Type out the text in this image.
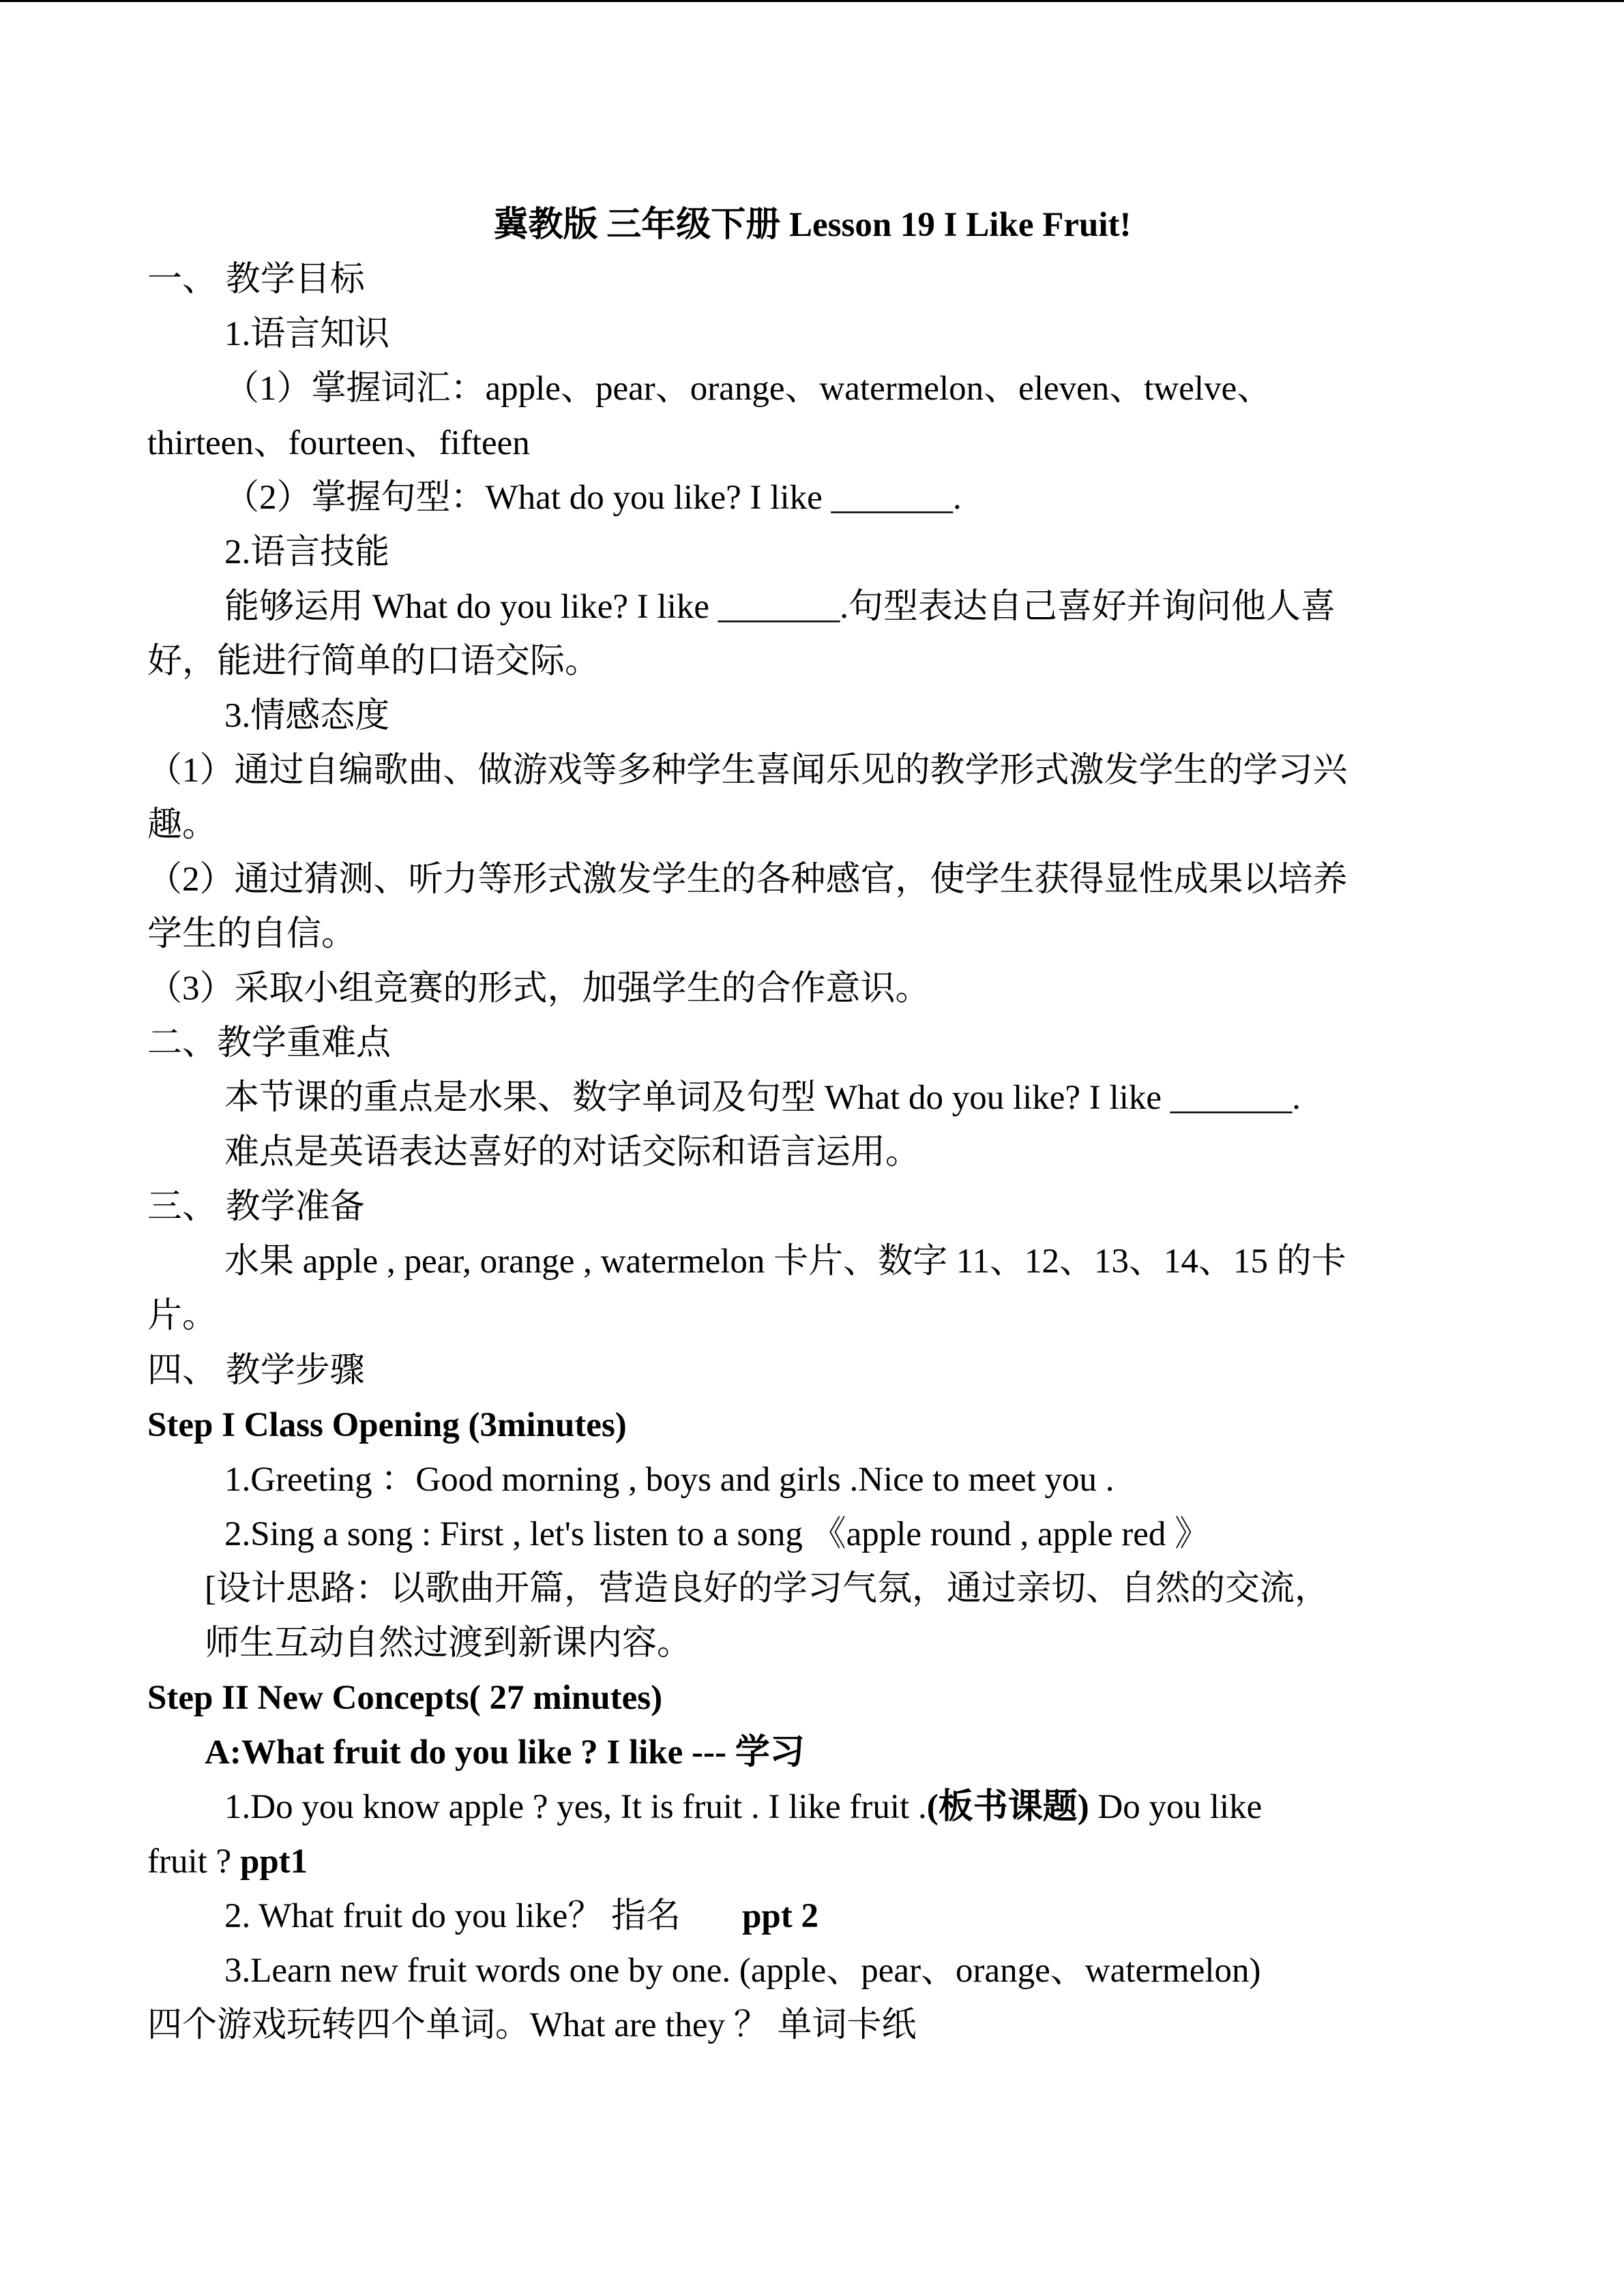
冀教版 三年级下册 Lesson 19 I Like Fruit!
一、 教学目标
1.语言知识
（1）掌握词汇：apple、pear、orange、watermelon、eleven、twelve、
thirteen、fourteen、fifteen
（2）掌握句型：What do you like? I like _______.
2.语言技能
能够运用 What do you like? I like _______.句型表达自己喜好并询问他人喜
好，能进行简单的口语交际。
3.情感态度
（1）通过自编歌曲、做游戏等多种学生喜闻乐见的教学形式激发学生的学习兴
趣。
（2）通过猜测、听力等形式激发学生的各种感官，使学生获得显性成果以培养
学生的自信。
（3）采取小组竞赛的形式，加强学生的合作意识。
二、教学重难点
本节课的重点是水果、数字单词及句型 What do you like? I like _______.
难点是英语表达喜好的对话交际和语言运用。
三、 教学准备
水果 apple , pear, orange , watermelon 卡片、数字 11、12、13、14、15 的卡
片。
四、 教学步骤
Step I Class Opening (3minutes)
1.Greeting ：Good morning , boys and girls .Nice to meet you .
2.Sing a song : First , let's listen to a song 《apple round , apple red 》
[设计思路：以歌曲开篇，营造良好的学习气氛，通过亲切、自然的交流，
师生互动自然过渡到新课内容。
Step II New Concepts( 27 minutes)
A:What fruit do you like ? I like --- 学习
1.Do you know apple ? yes, It is fruit . I like fruit .(板书课题) Do you like
fruit ? ppt1
2. What fruit do you like？ 指名 ppt 2
3.Learn new fruit words one by one. (apple、pear、orange、watermelon)
四个游戏玩转四个单词。What are they ？ 单词卡纸
